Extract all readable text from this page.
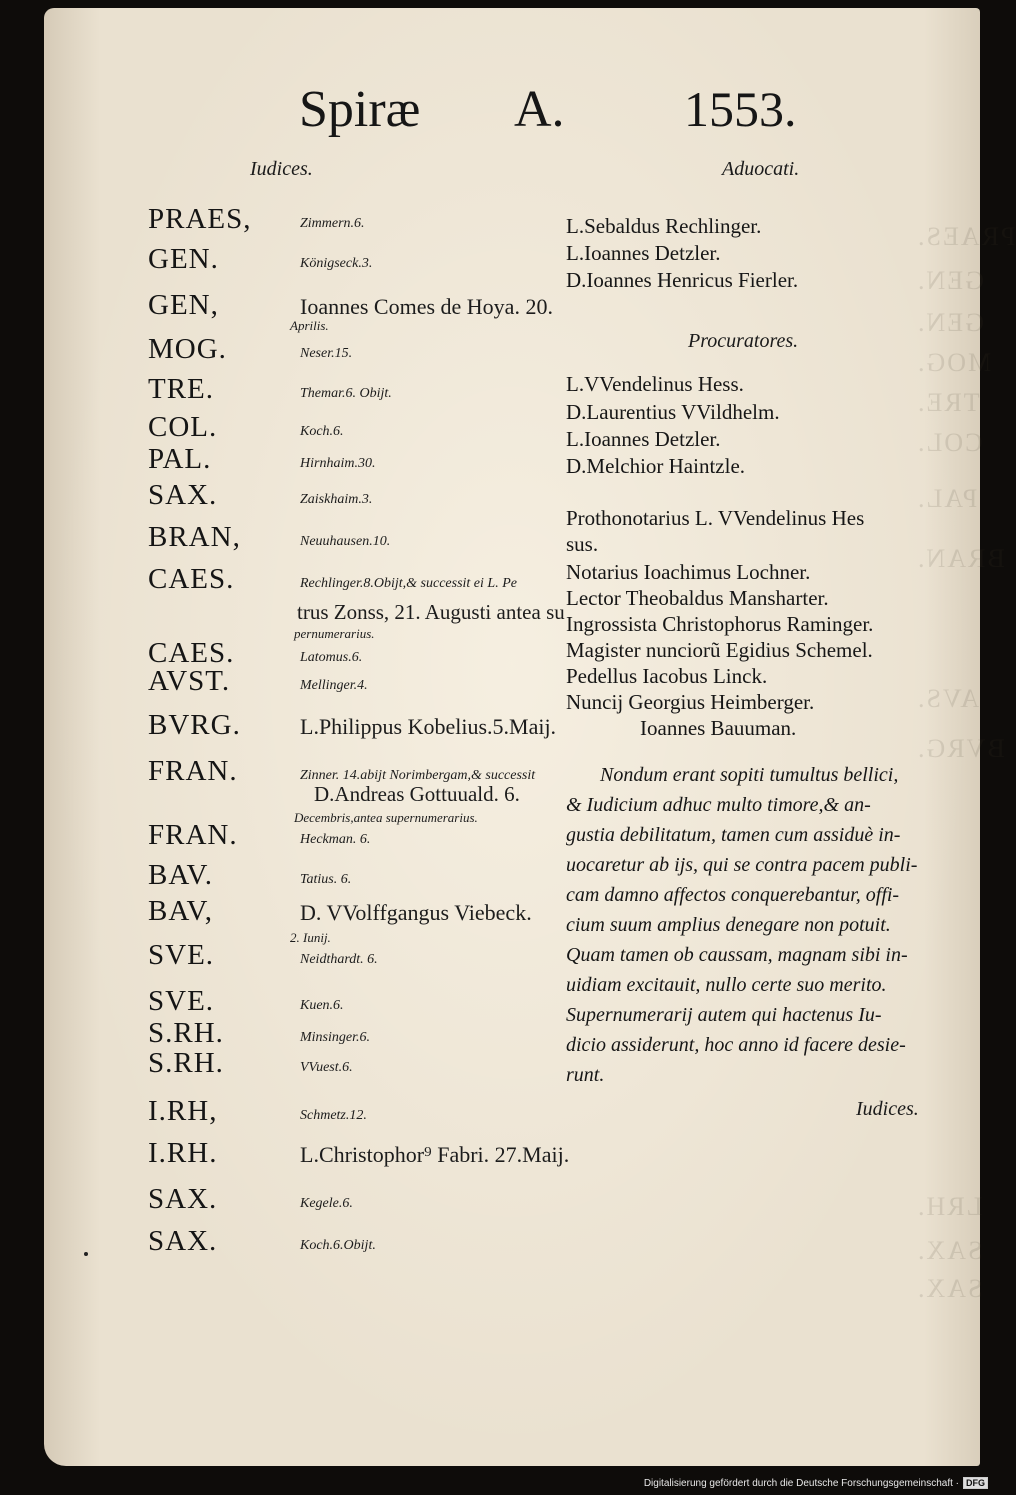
PRAES.
GEN.
GEN.
MOG.
TRE.
COL.
PAL.
BRAN.
AVS.
BVRG.
LRH.
SAX.
SAX.
Spiræ A. 1553.
Iudices.	Aduocati.
PRAES,	Zimmern.6.
GEN.	Königseck.3.
GEN,	Ioannes Comes de Hoya. 20.
Aprilis.
MOG.	Neser.15.
TRE.	Themar.6. Obijt.
COL.	Koch.6.
PAL.	Hirnhaim.30.
SAX.	Zaiskhaim.3.
BRAN,	Neuuhausen.10.
CAES.	Rechlinger.8.Obijt,& successit ei L. Pe
trus Zonss, 21. Augusti antea su
pernumerarius.
CAES.	Latomus.6.
AVST.	Mellinger.4.
BVRG.	L.Philippus Kobelius.5.Maij.
FRAN.	Zinner. 14.abijt Norimbergam,& successit
D.Andreas Gottuuald. 6.
Decembris,antea supernumerarius.
FRAN.	Heckman. 6.
BAV.	Tatius. 6.
BAV,	D. VVolffgangus Viebeck.
2. Iunij.
SVE.	Neidthardt. 6.
SVE.	Kuen.6.
S.RH.	Minsinger.6.
S.RH.	VVuest.6.
I.RH,	Schmetz.12.
I.RH.	L.Christophor⁹ Fabri. 27.Maij.
SAX.	Kegele.6.
SAX.	Koch.6.Obijt.
L.Sebaldus Rechlinger.
L.Ioannes Detzler.
D.Ioannes Henricus Fierler.
Procuratores.
L.VVendelinus Hess.
D.Laurentius VVildhelm.
L.Ioannes Detzler.
D.Melchior Haintzle.
Prothonotarius L. VVendelinus Hes
sus.
Notarius Ioachimus Lochner.
Lector Theobaldus Mansharter.
Ingrossista Christophorus Raminger.
Magister nunciorũ Egidius Schemel.
Pedellus Iacobus Linck.
Nuncij Georgius Heimberger.
Ioannes Bauuman.
Nondum erant sopiti tumultus bellici,
& Iudicium adhuc multo timore,& an-
gustia debilitatum, tamen cum assiduè in-
uocaretur ab ijs, qui se contra pacem publi-
cam damno affectos conquerebantur, offi-
cium suum amplius denegare non potuit.
Quam tamen ob caussam, magnam sibi in-
uidiam excitauit, nullo certe suo merito.
Supernumerarij autem qui hactenus Iu-
dicio assiderunt, hoc anno id facere desie-
runt.
Iudices.
Digitalisierung gefördert durch die Deutsche Forschungsgemeinschaft · DFG
